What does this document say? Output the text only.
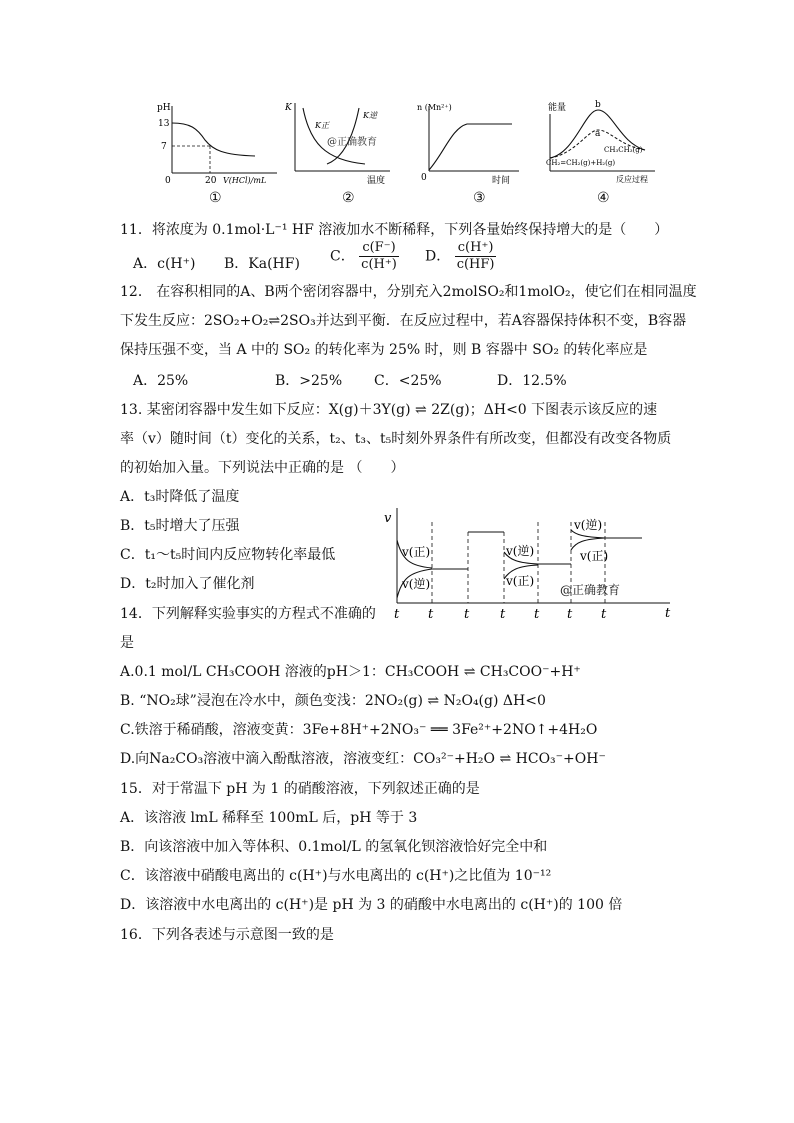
pH
13
7
0	20 V(HCl)/mL
①
K
K正
K逆
@正确教育
温度
②
n (Mn²⁺)
0	时间
③
能量	b
a
CH₃CH₃(g)
CH₂=CH₂(g)+H₂(g)
反应过程
④
11．将浓度为 0.1mol·L⁻¹ HF 溶液加水不断稀释，下列各量始终保持增大的是（　　）
A．c(H⁺) B．Ka(HF) C． $\frac{c(F^-)}{c(H^+)}$ D． $\frac{c(H^+)}{c(HF)}$
12． 在容积相同的A、B两个密闭容器中，分别充入2molSO₂和1molO₂，使它们在相同温度
下发生反应：2SO₂+O₂⇌2SO₃并达到平衡．在反应过程中，若A容器保持体积不变，B容器
保持压强不变，当 A 中的 SO₂ 的转化率为 25% 时，则 B 容器中 SO₂ 的转化率应是
A．25%	B．>25% C．<25%	D．12.5%
13. 某密闭容器中发生如下反应：X(g)＋3Y(g) ⇌ 2Z(g)；ΔH<0 下图表示该反应的速
率（v）随时间（t）变化的关系，t₂、t₃、t₅时刻外界条件有所改变，但都没有改变各物质
的初始加入量。下列说法中正确的是 （　　）
A．t₃时降低了温度
B．t₅时增大了压强
C．t₁～t₅时间内反应物转化率最低
D．t₂时加入了催化剂
v
t
v(正)
v(逆)
v(逆)
v(正)
v(逆)
v(正)
@正确教育
t t t t t t t
14．下列解释实验事实的方程式不准确的
是
A.0.1 mol/L CH₃COOH 溶液的pH＞1：CH₃COOH ⇌ CH₃COO⁻+H⁺
B. “NO₂球”浸泡在冷水中，颜色变浅：2NO₂(g) ⇌ N₂O₄(g) ΔH<0
C.铁溶于稀硝酸，溶液变黄：3Fe+8H⁺+2NO₃⁻ ══ 3Fe²⁺+2NO↑+4H₂O
D.向Na₂CO₃溶液中滴入酚酞溶液，溶液变红：CO₃²⁻+H₂O ⇌ HCO₃⁻+OH⁻
15．对于常温下 pH 为 1 的硝酸溶液，下列叙述正确的是
A．该溶液 lmL 稀释至 100mL 后，pH 等于 3
B．向该溶液中加入等体积、0.1mol/L 的氢氧化钡溶液恰好完全中和
C．该溶液中硝酸电离出的 c(H⁺)与水电离出的 c(H⁺)之比值为 10⁻¹²
D．该溶液中水电离出的 c(H⁺)是 pH 为 3 的硝酸中水电离出的 c(H⁺)的 100 倍
16．下列各表述与示意图一致的是
